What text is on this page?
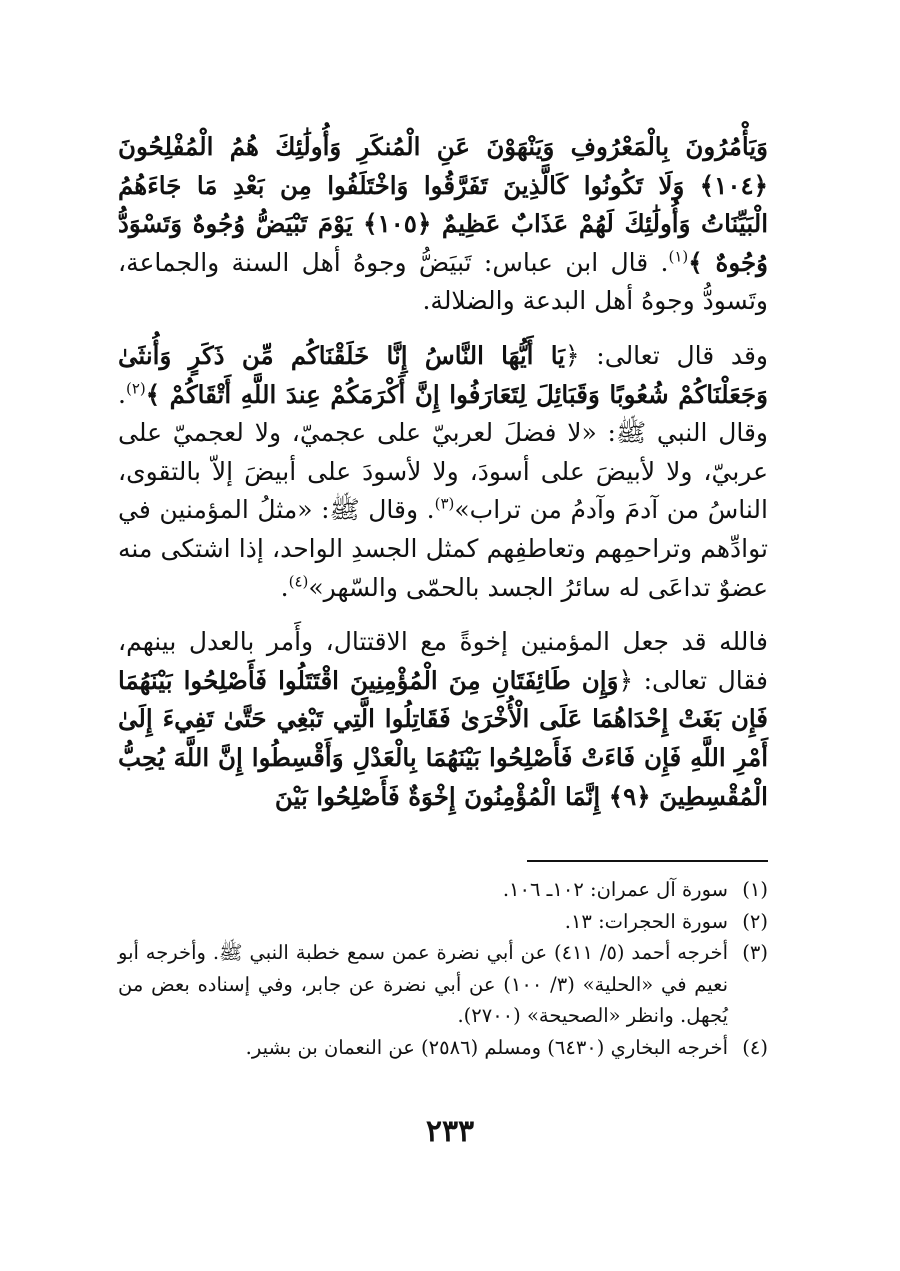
وَيَأْمُرُونَ بِالْمَعْرُوفِ وَيَنْهَوْنَ عَنِ الْمُنكَرِ وَأُولَٰئِكَ هُمُ الْمُفْلِحُونَ ﴿١٠٤﴾ وَلَا تَكُونُوا كَالَّذِينَ تَفَرَّقُوا وَاخْتَلَفُوا مِن بَعْدِ مَا جَاءَهُمُ الْبَيِّنَاتُ وَأُولَٰئِكَ لَهُمْ عَذَابٌ عَظِيمٌ ﴿١٠٥﴾ يَوْمَ تَبْيَضُّ وُجُوهٌ وَتَسْوَدُّ وُجُوهٌ ﴾$^{(١)}$. قال ابن عباس: تَبيَضُّ وجوهُ أهل السنة والجماعة، وتَسودُّ وجوهُ أهل البدعة والضلالة.
وقد قال تعالى: ﴿يَا أَيُّهَا النَّاسُ إِنَّا خَلَقْنَاكُم مِّن ذَكَرٍ وَأُنثَىٰ وَجَعَلْنَاكُمْ شُعُوبًا وَقَبَائِلَ لِتَعَارَفُوا إِنَّ أَكْرَمَكُمْ عِندَ اللَّهِ أَتْقَاكُمْ ﴾$^{(٢)}$. وقال النبي ﷺ: «لا فضلَ لعربيّ على عجميّ، ولا لعجميّ على عربيّ، ولا لأبيضَ على أسودَ، ولا لأسودَ على أبيضَ إلاّ بالتقوى، الناسُ من آدمَ وآدمُ من تراب»$^{(٣)}$. وقال ﷺ: «مثلُ المؤمنين في توادِّهم وتراحمِهم وتعاطفِهم كمثل الجسدِ الواحد، إذا اشتكى منه عضوٌ تداعَى له سائرُ الجسد بالحمّى والسّهر»$^{(٤)}$.
فالله قد جعل المؤمنين إخوةً مع الاقتتال، وأَمر بالعدل بينهم، فقال تعالى: ﴿وَإِن طَائِفَتَانِ مِنَ الْمُؤْمِنِينَ اقْتَتَلُوا فَأَصْلِحُوا بَيْنَهُمَا فَإِن بَغَتْ إِحْدَاهُمَا عَلَى الْأُخْرَىٰ فَقَاتِلُوا الَّتِي تَبْغِي حَتَّىٰ تَفِيءَ إِلَىٰ أَمْرِ اللَّهِ فَإِن فَاءَتْ فَأَصْلِحُوا بَيْنَهُمَا بِالْعَدْلِ وَأَقْسِطُوا إِنَّ اللَّهَ يُحِبُّ الْمُقْسِطِينَ ﴿٩﴾ إِنَّمَا الْمُؤْمِنُونَ إِخْوَةٌ فَأَصْلِحُوا بَيْنَ
(١)
سورة آل عمران: ١٠٢ـ ١٠٦.
(٢)
سورة الحجرات: ١٣.
(٣)
أخرجه أحمد (٥/ ٤١١) عن أبي نضرة عمن سمع خطبة النبي ﷺ. وأخرجه أبو نعيم في «الحلية» (٣/ ١٠٠) عن أبي نضرة عن جابر، وفي إسناده بعض من يُجهل. وانظر «الصحيحة» (٢٧٠٠).
(٤)
أخرجه البخاري (٦٤٣٠) ومسلم (٢٥٨٦) عن النعمان بن بشير.
٢٣٣
